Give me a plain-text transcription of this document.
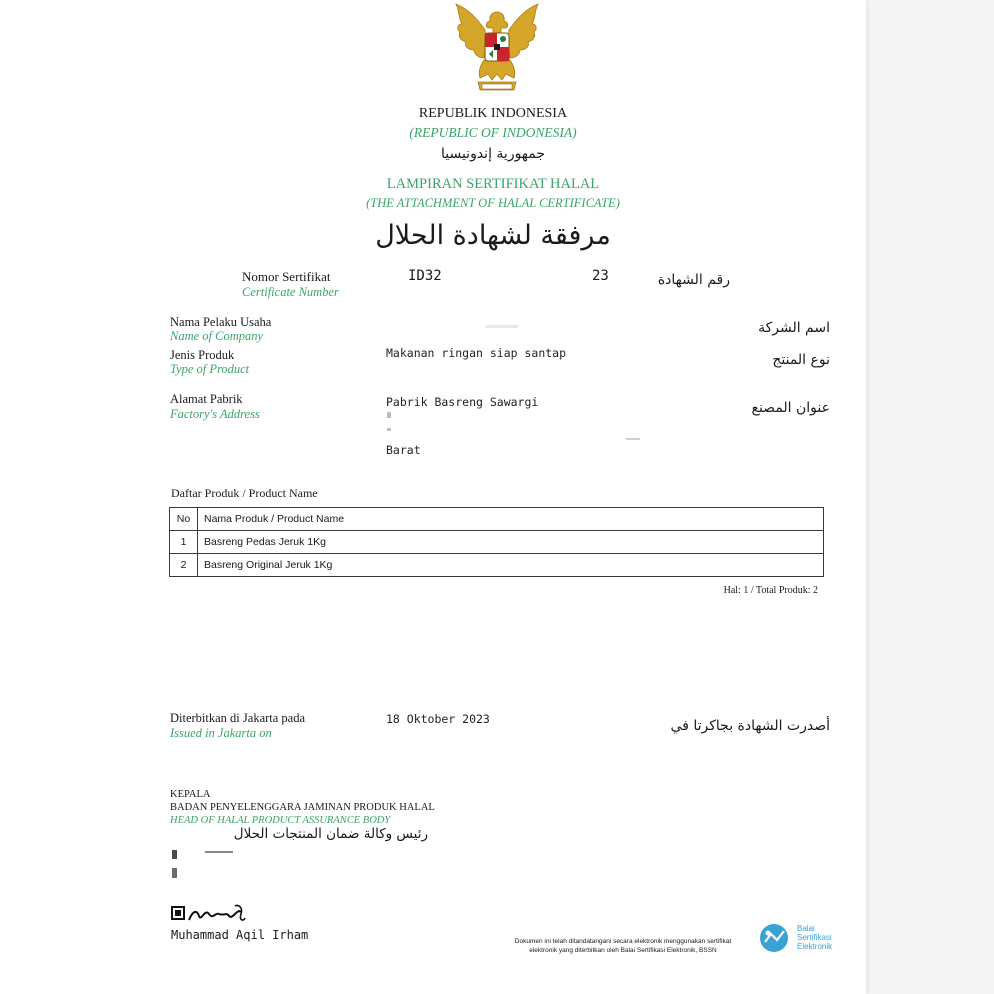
REPUBLIK INDONESIA
(REPUBLIC OF INDONESIA)
جمهورية إندونيسيا
LAMPIRAN SERTIFIKAT HALAL
(THE ATTACHMENT OF HALAL CERTIFICATE)
مرفقة لشهادة الحلال
Nomor Sertifikat
Certificate Number
ID32	23	رقم الشهادة
Nama Pelaku Usaha
Name of Company	اسم الشركة
Jenis Produk
Type of Product
Makanan ringan siap santap	نوع المنتج
Alamat Pabrik
Factory's Address
Pabrik Basreng Sawargi
Barat
عنوان المصنع
Daftar Produk / Product Name
No	Nama Produk / Product Name
1	Basreng Pedas Jeruk 1Kg
2	Basreng Original Jeruk 1Kg
Hal: 1 / Total Produk: 2
Diterbitkan di Jakarta pada
Issued in Jakarta on
18 Oktober 2023	أصدرت الشهادة بجاكرتا في
KEPALA
BADAN PENYELENGGARA JAMINAN PRODUK HALAL
HEAD OF HALAL PRODUCT ASSURANCE BODY
رئيس وكالة ضمان المنتجات الحلال
Muhammad Aqil Irham	Dokumen ini telah ditandatangani secara elektronik menggunakan sertifikat
elektronik yang diterbitkan oleh Balai Sertifikasi Elektronik, BSSN
Balai
Sertifikasi
Elektronik
